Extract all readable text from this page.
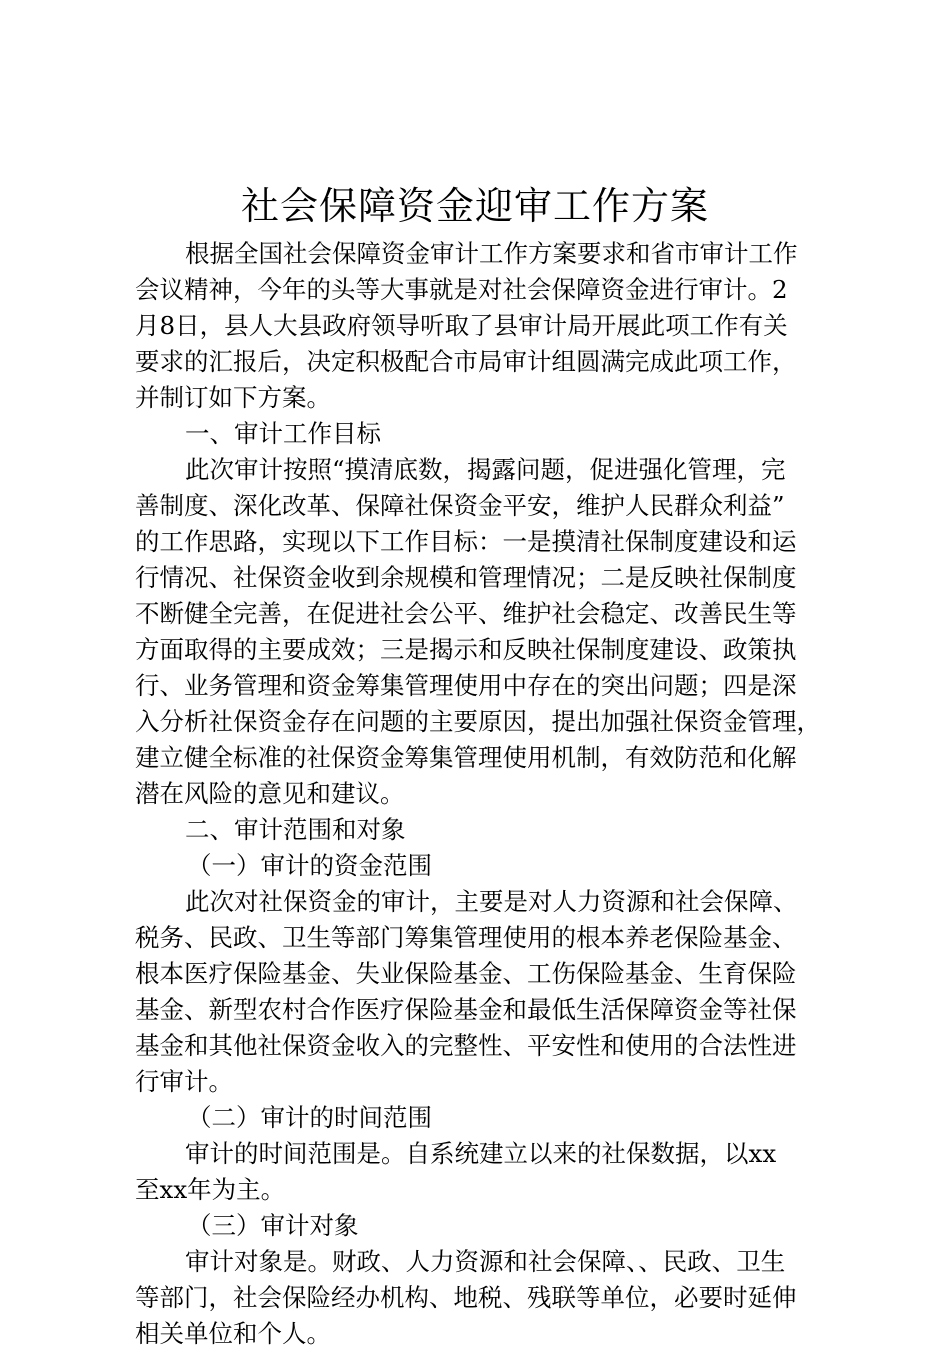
社会保障资金迎审工作方案
根据全国社会保障资金审计工作方案要求和省市审计工作
会议精神，今年的头等大事就是对社会保障资金进行审计。2
月8日，县人大县政府领导听取了县审计局开展此项工作有关
要求的汇报后，决定积极配合市局审计组圆满完成此项工作，
并制订如下方案。
一、审计工作目标
此次审计按照“摸清底数，揭露问题，促进强化管理，完
善制度、深化改革、保障社保资金平安，维护人民群众利益”
的工作思路，实现以下工作目标：一是摸清社保制度建设和运
行情况、社保资金收到余规模和管理情况；二是反映社保制度
不断健全完善，在促进社会公平、维护社会稳定、改善民生等
方面取得的主要成效；三是揭示和反映社保制度建设、政策执
行、业务管理和资金筹集管理使用中存在的突出问题；四是深
入分析社保资金存在问题的主要原因，提出加强社保资金管理，
建立健全标准的社保资金筹集管理使用机制，有效防范和化解
潜在风险的意见和建议。
二、审计范围和对象
（一）审计的资金范围
此次对社保资金的审计，主要是对人力资源和社会保障、
税务、民政、卫生等部门筹集管理使用的根本养老保险基金、
根本医疗保险基金、失业保险基金、工伤保险基金、生育保险
基金、新型农村合作医疗保险基金和最低生活保障资金等社保
基金和其他社保资金收入的完整性、平安性和使用的合法性进
行审计。
（二）审计的时间范围
审计的时间范围是。自系统建立以来的社保数据，以xx
至xx年为主。
（三）审计对象
审计对象是。财政、人力资源和社会保障、、民政、卫生
等部门，社会保险经办机构、地税、残联等单位，必要时延伸
相关单位和个人。
